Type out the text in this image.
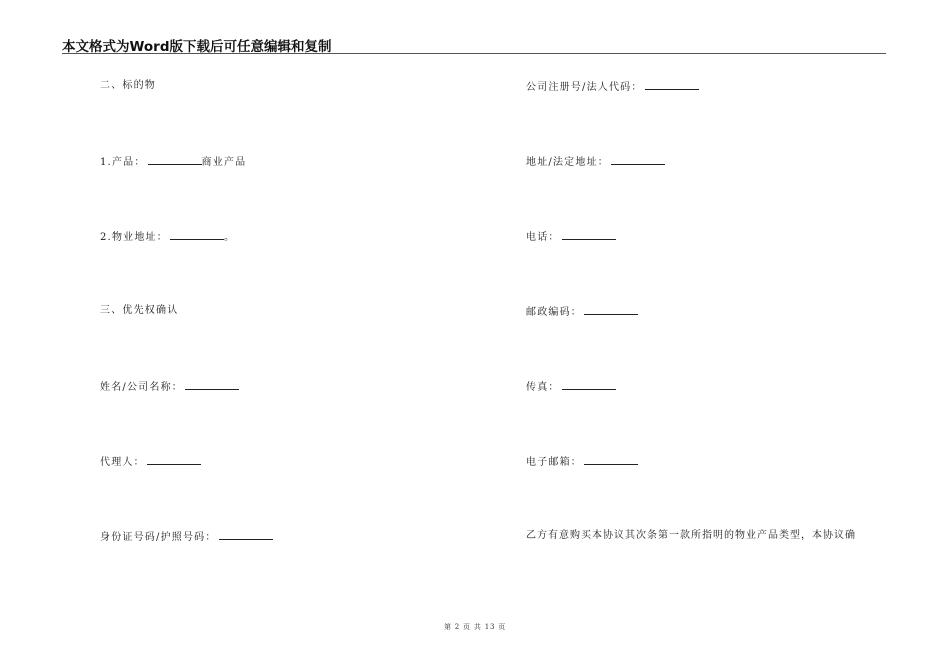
本文格式为Word版下载后可任意编辑和复制
二、标的物
1.产品：	商业产品
2.物业地址：	。
三、优先权确认
姓名/公司名称：
代理人：
身份证号码/护照号码：
公司注册号/法人代码：
地址/法定地址：
电话：
邮政编码：
传真：
电子邮箱：
乙方有意购买本协议其次条第一款所指明的物业产品类型，本协议确
第 2 页 共 13 页
